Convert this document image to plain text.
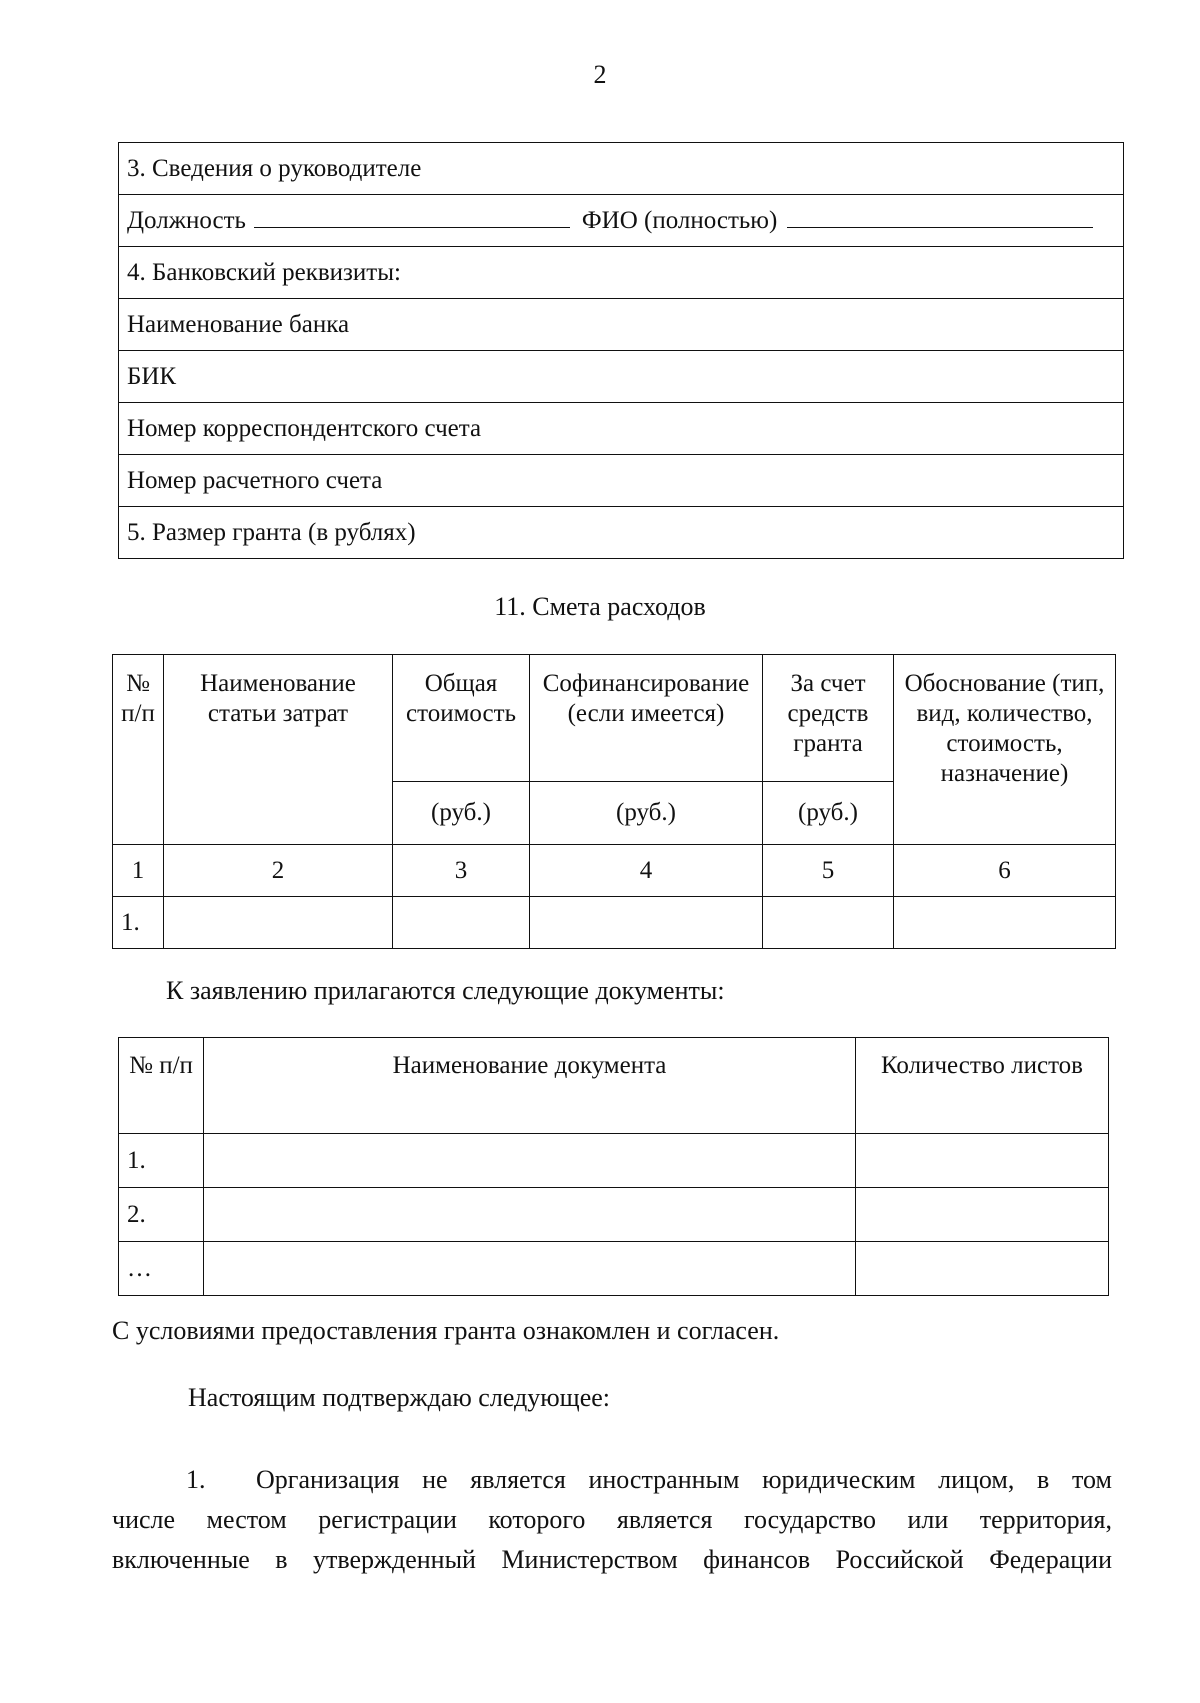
2
3. Сведения о руководителе
Должность	ФИО (полностью)
4. Банковский реквизиты:
Наименование банка
БИК
Номер корреспондентского счета
Номер расчетного счета
5. Размер гранта (в рублях)
11. Смета расходов
№ п/п	Наименование статьи затрат	Общая стоимость	Софинансирование (если имеется)	За счет средств гранта	Обоснование (тип, вид, количество, стоимость, назначение)
		(руб.)	(руб.)	(руб.)	
1	2	3	4	5	6
1.					
К заявлению прилагаются следующие документы:
№ п/п	Наименование документа	Количество листов
1.		
2.		
…		
С условиями предоставления гранта ознакомлен и согласен.
Настоящим подтверждаю следующее:
1. Организация не является иностранным юридическим лицом, в том
числе местом регистрации которого является государство или территория,
включенные в утвержденный Министерством финансов Российской Федерации
